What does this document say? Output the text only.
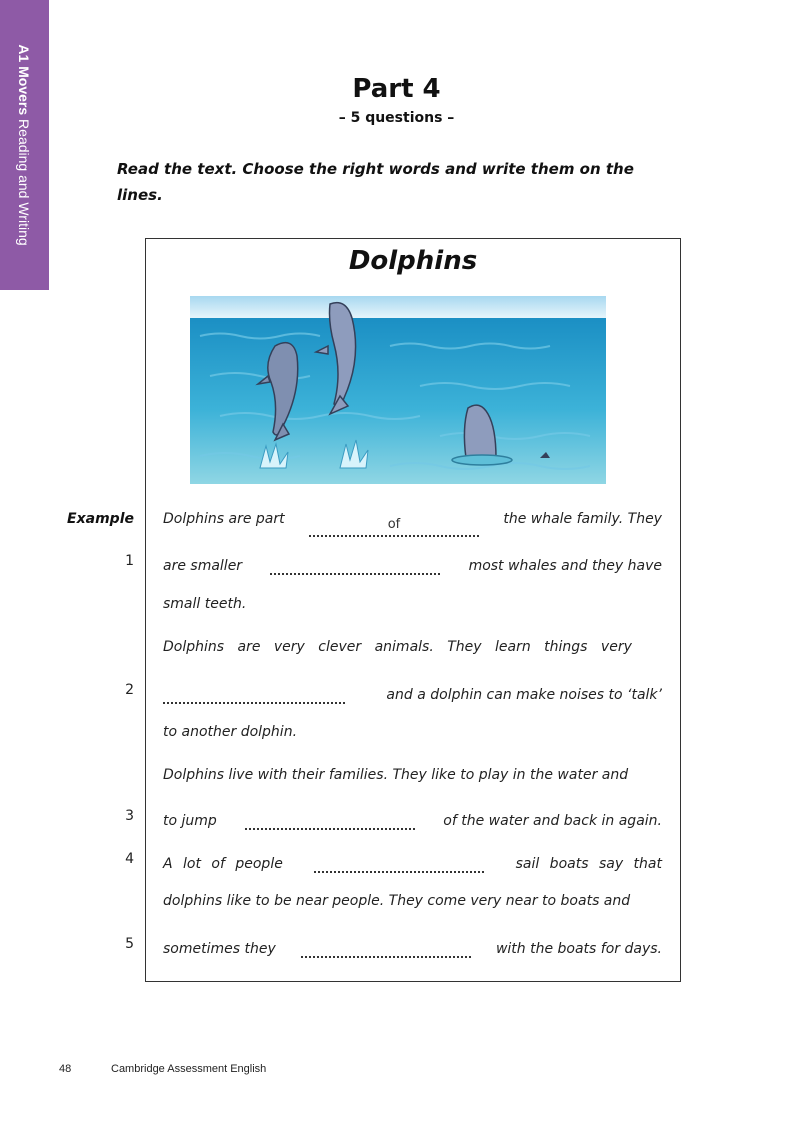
A1 Movers Reading and Writing
Part 4
– 5 questions –
Read the text. Choose the right words and write them on the lines.
Dolphins
Example
1
2
3
4
5
Dolphins are part	of	the whale family. They
are smaller	most whales and they have
small teeth.
Dolphins are very clever animals. They learn things very
and a dolphin can make noises to ‘talk’
to another dolphin.
Dolphins live with their families. They like to play in the water and
to jump	of the water and back in again.
A lot of people	sail boats say that
dolphins like to be near people. They come very near to boats and
sometimes they	with the boats for days.
48	Cambridge Assessment English
